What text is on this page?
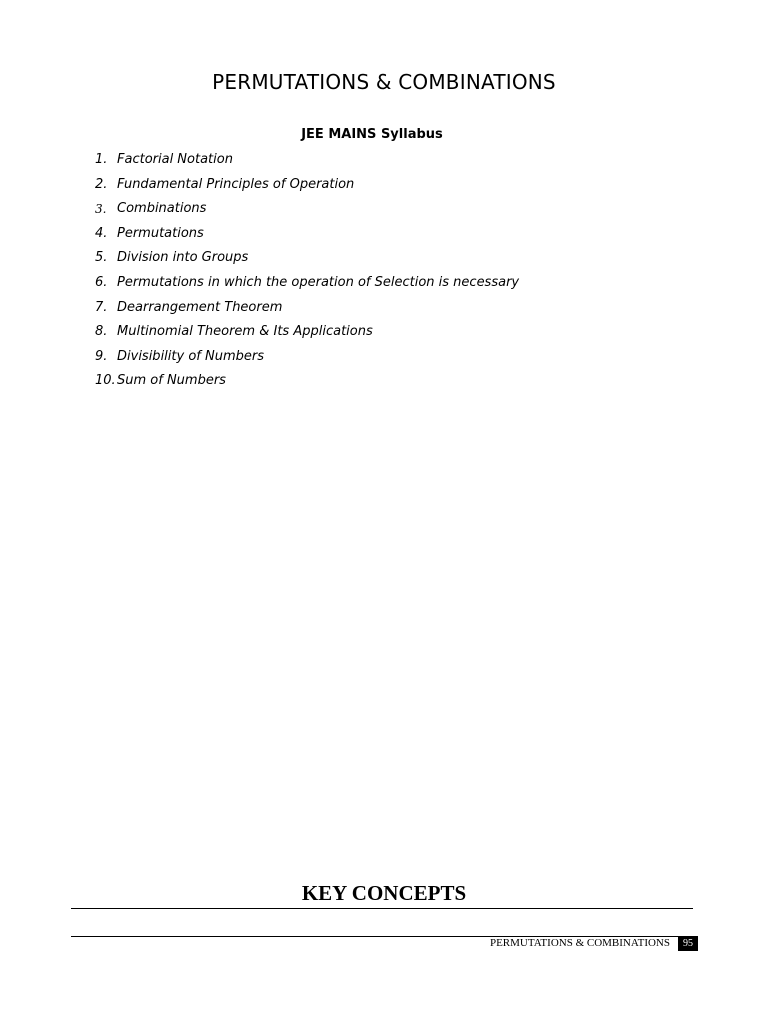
PERMUTATIONS & COMBINATIONS
JEE MAINS Syllabus
1. Factorial Notation
2. Fundamental Principles of Operation
3. Combinations
4. Permutations
5. Division into Groups
6. Permutations in which the operation of Selection is necessary
7. Dearrangement Theorem
8. Multinomial Theorem & Its Applications
9. Divisibility of Numbers
10. Sum of Numbers
KEY CONCEPTS
PERMUTATIONS & COMBINATIONS	95
